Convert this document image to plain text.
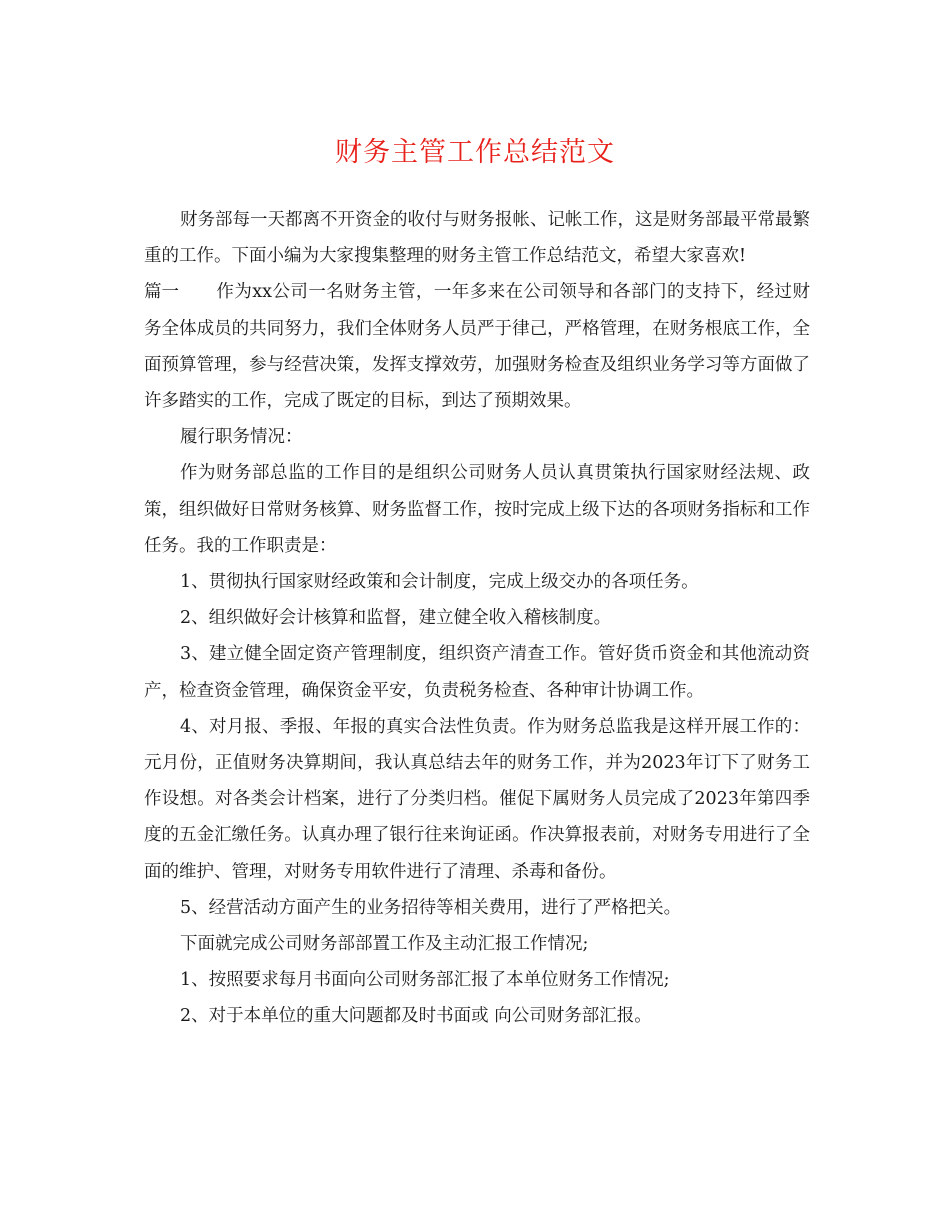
财务主管工作总结范文

财务部每一天都离不开资金的收付与财务报帐、记帐工作，这是财务部最平常最繁重的工作。下面小编为大家搜集整理的财务主管工作总结范文，希望大家喜欢!

篇一 作为xx公司一名财务主管，一年多来在公司领导和各部门的支持下，经过财务全体成员的共同努力，我们全体财务人员严于律己，严格管理，在财务根底工作，全面预算管理，参与经营决策，发挥支撑效劳，加强财务检查及组织业务学习等方面做了许多踏实的工作，完成了既定的目标，到达了预期效果。

履行职务情况：

作为财务部总监的工作目的是组织公司财务人员认真贯策执行国家财经法规、政策，组织做好日常财务核算、财务监督工作，按时完成上级下达的各项财务指标和工作任务。我的工作职责是：

1、贯彻执行国家财经政策和会计制度，完成上级交办的各项任务。

2、组织做好会计核算和监督，建立健全收入稽核制度。

3、建立健全固定资产管理制度，组织资产清查工作。管好货币资金和其他流动资产，检查资金管理，确保资金平安，负责税务检查、各种审计协调工作。

4、对月报、季报、年报的真实合法性负责。作为财务总监我是这样开展工作的：元月份，正值财务决算期间，我认真总结去年的财务工作，并为2023年订下了财务工作设想。对各类会计档案，进行了分类归档。催促下属财务人员完成了2023年第四季度的五金汇缴任务。认真办理了银行往来询证函。作决算报表前，对财务专用进行了全面的维护、管理，对财务专用软件进行了清理、杀毒和备份。

5、经营活动方面产生的业务招待等相关费用，进行了严格把关。

下面就完成公司财务部部置工作及主动汇报工作情况;

1、按照要求每月书面向公司财务部汇报了本单位财务工作情况;

2、对于本单位的重大问题都及时书面或 向公司财务部汇报。
